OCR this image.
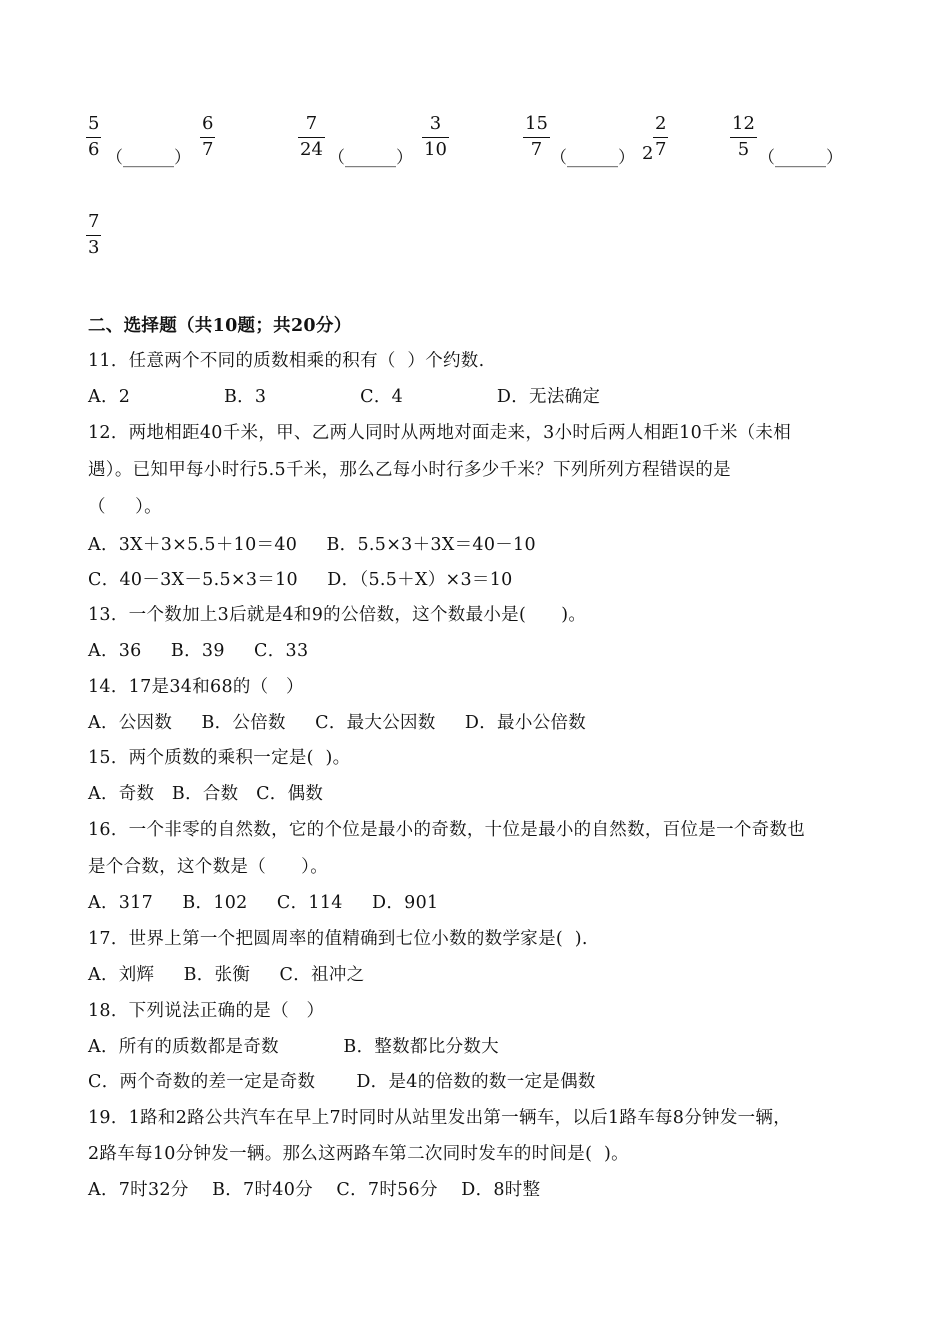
5
6 （______）
6
7
7
24 （______）
3
10
15
7 （______） 2
2
7
12
5 （______）
7
3
二、选择题（共10题；共20分）
11．任意两个不同的质数相乘的积有（  ）个约数.
A．2                B．3                C．4                D．无法确定
12．两地相距40千米，甲、乙两人同时从两地对面走来，3小时后两人相距10千米（未相
遇）。已知甲每小时行5.5千米，那么乙每小时行多少千米？下列所列方程错误的是
（     ）。
A．3X＋3×5.5＋10＝40     B．5.5×3＋3X＝40－10
C．40－3X－5.5×3＝10     D．（5.5＋X）×3＝10
13．一个数加上3后就是4和9的公倍数，这个数最小是(      )。
A．36     B．39     C．33
14．17是34和68的（   ）
A．公因数     B．公倍数     C．最大公因数     D．最小公倍数
15．两个质数的乘积一定是(  )。
A．奇数   B．合数   C．偶数
16．一个非零的自然数，它的个位是最小的奇数，十位是最小的自然数，百位是一个奇数也
是个合数，这个数是（      ）。
A．317     B．102     C．114     D．901
17．世界上第一个把圆周率的值精确到七位小数的数学家是(  ).
A．刘辉     B．张衡     C．祖冲之
18．下列说法正确的是（   ）
A．所有的质数都是奇数           B．整数都比分数大
C．两个奇数的差一定是奇数       D．是4的倍数的数一定是偶数
19．1路和2路公共汽车在早上7时同时从站里发出第一辆车，以后1路车每8分钟发一辆，
2路车每10分钟发一辆。那么这两路车第二次同时发车的时间是(  )。
A．7时32分    B．7时40分    C．7时56分    D．8时整
